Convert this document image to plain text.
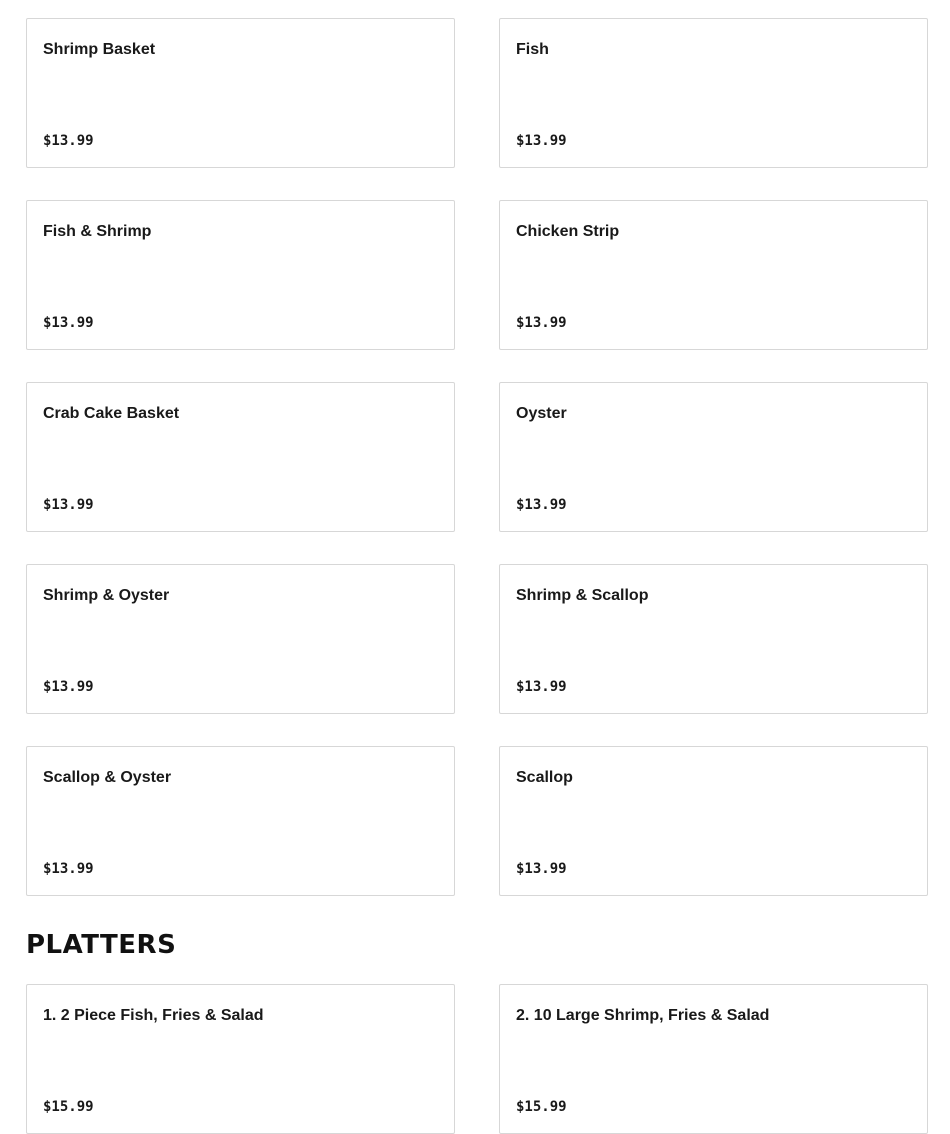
Shrimp Basket
$13.99
Fish
$13.99
Fish & Shrimp
$13.99
Chicken Strip
$13.99
Crab Cake Basket
$13.99
Oyster
$13.99
Shrimp & Oyster
$13.99
Shrimp & Scallop
$13.99
Scallop & Oyster
$13.99
Scallop
$13.99
PLATTERS
1. 2 Piece Fish, Fries & Salad
$15.99
2. 10 Large Shrimp, Fries & Salad
$15.99
